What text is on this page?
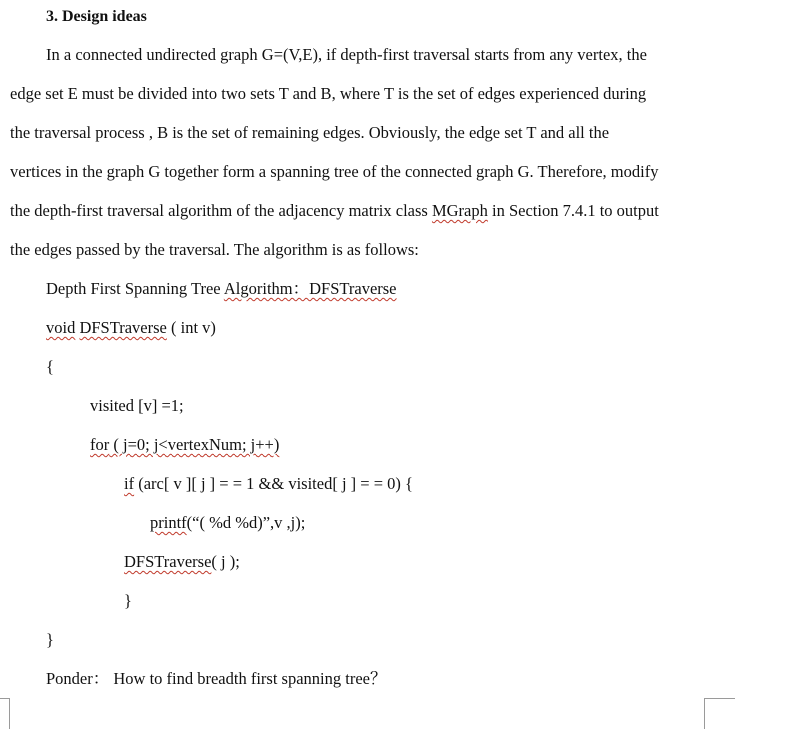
3. Design ideas
In a connected undirected graph G=(V,E), if depth-first traversal starts from any vertex, the
edge set E must be divided into two sets T and B, where T is the set of edges experienced during
the traversal process , B is the set of remaining edges. Obviously, the edge set T and all the
vertices in the graph G together form a spanning tree of the connected graph G. Therefore, modify
the depth-first traversal algorithm of the adjacency matrix class MGraph in Section 7.4.1 to output
the edges passed by the traversal. The algorithm is as follows:
Depth First Spanning Tree Algorithm：DFSTraverse
void DFSTraverse ( int v)
{
visited [v] =1;
for ( j=0; j<vertexNum; j++)
if (arc[ v ][ j ] = = 1 && visited[ j ] = = 0) {
printf(“( %d %d)”,v ,j);
DFSTraverse( j );
}
}
Ponder： How to find breadth first spanning tree？
